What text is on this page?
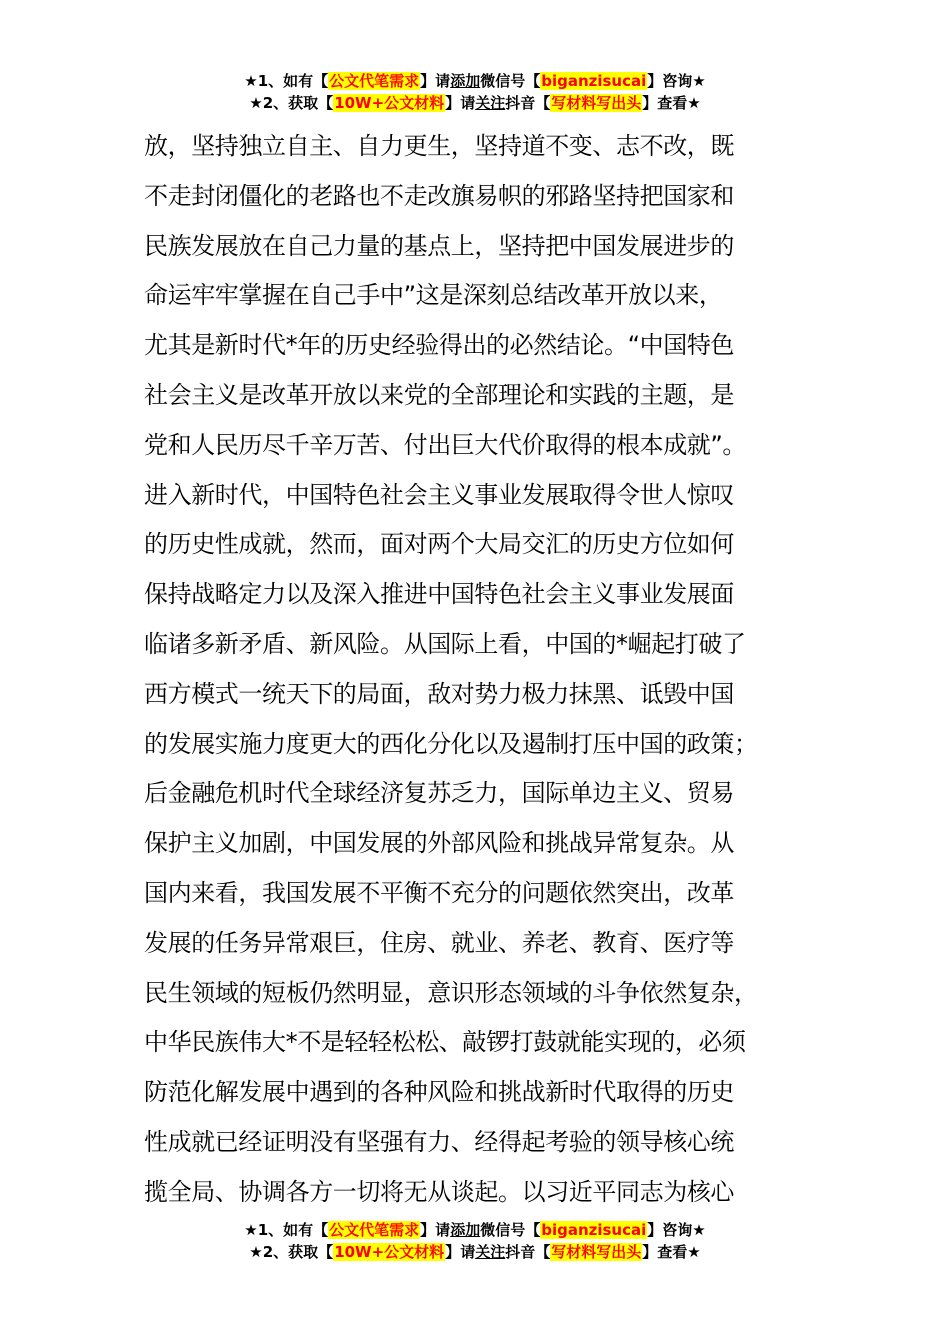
★1、如有【公文代笔需求】请添加微信号【biganzisucai】咨询★
★2、获取【10W+公文材料】请关注抖音【写材料写出头】查看★
放，坚持独立自主、自力更生，坚持道不变、志不改，既
不走封闭僵化的老路也不走改旗易帜的邪路坚持把国家和
民族发展放在自己力量的基点上，坚持把中国发展进步的
命运牢牢掌握在自己手中”这是深刻总结改革开放以来，
尤其是新时代*年的历史经验得出的必然结论。“中国特色
社会主义是改革开放以来党的全部理论和实践的主题，是
党和人民历尽千辛万苦、付出巨大代价取得的根本成就”。
进入新时代，中国特色社会主义事业发展取得令世人惊叹
的历史性成就，然而，面对两个大局交汇的历史方位如何
保持战略定力以及深入推进中国特色社会主义事业发展面
临诸多新矛盾、新风险。从国际上看，中国的*崛起打破了
西方模式一统天下的局面，敌对势力极力抹黑、诋毁中国
的发展实施力度更大的西化分化以及遏制打压中国的政策；
后金融危机时代全球经济复苏乏力，国际单边主义、贸易
保护主义加剧，中国发展的外部风险和挑战异常复杂。从
国内来看，我国发展不平衡不充分的问题依然突出，改革
发展的任务异常艰巨，住房、就业、养老、教育、医疗等
民生领域的短板仍然明显，意识形态领域的斗争依然复杂，
中华民族伟大*不是轻轻松松、敲锣打鼓就能实现的，必须
防范化解发展中遇到的各种风险和挑战新时代取得的历史
性成就已经证明没有坚强有力、经得起考验的领导核心统
揽全局、协调各方一切将无从谈起。以习近平同志为核心
★1、如有【公文代笔需求】请添加微信号【biganzisucai】咨询★
★2、获取【10W+公文材料】请关注抖音【写材料写出头】查看★
